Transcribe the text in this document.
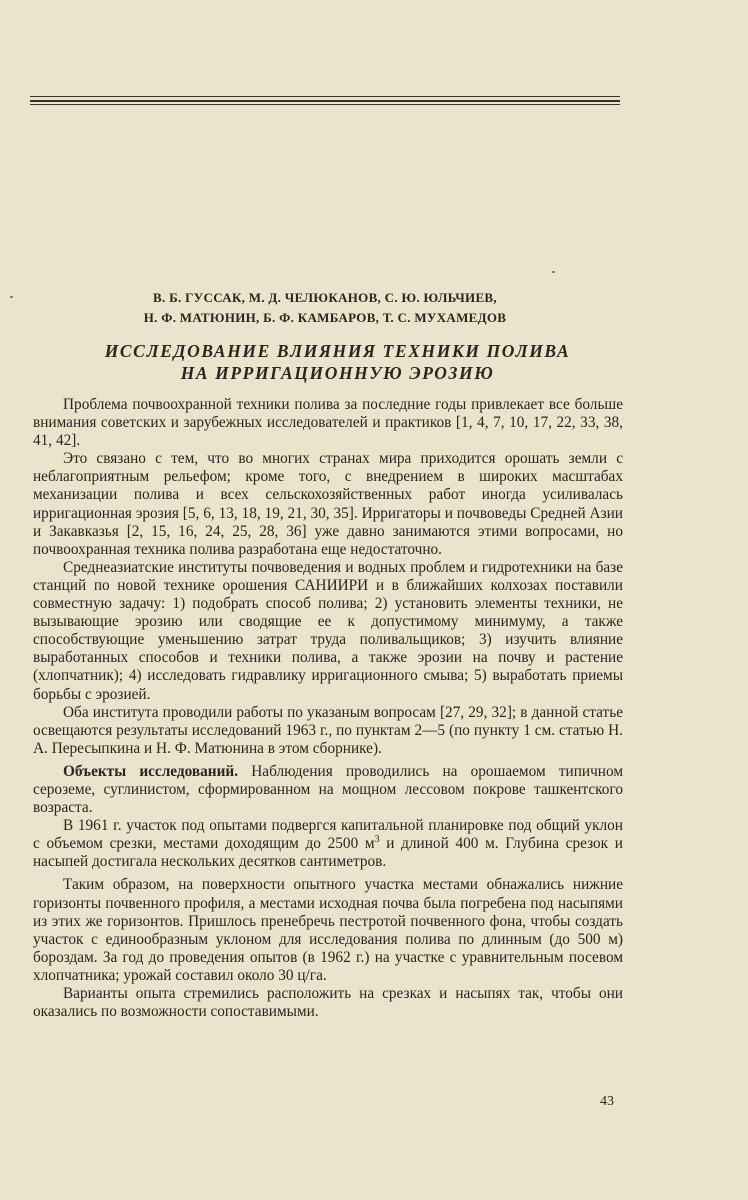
В. Б. ГУССАК, М. Д. ЧЕЛЮКАНОВ, С. Ю. ЮЛЬЧИЕВ,
Н. Ф. МАТЮНИН, Б. Ф. КАМБАРОВ, Т. С. МУХАМЕДОВ
ИССЛЕДОВАНИЕ ВЛИЯНИЯ ТЕХНИКИ ПОЛИВА
НА ИРРИГАЦИОННУЮ ЭРОЗИЮ

Проблема почвоохранной техники полива за последние годы привлекает все больше внимания советских и зарубежных исследователей и практиков [1, 4, 7, 10, 17, 22, 33, 38, 41, 42].

Это связано с тем, что во многих странах мира приходится орошать земли с неблагоприятным рельефом; кроме того, с внедрением в широких масштабах механизации полива и всех сельскохозяйственных работ иногда усиливалась ирригационная эрозия [5, 6, 13, 18, 19, 21, 30, 35]. Ирригаторы и почвоведы Средней Азии и Закавказья [2, 15, 16, 24, 25, 28, 36] уже давно занимаются этими вопросами, но почвоохранная техника полива разработана еще недостаточно.

Среднеазиатские институты почвоведения и водных проблем и гидротехники на базе станций по новой технике орошения САНИИРИ и в ближайших колхозах поставили совместную задачу: 1) подобрать способ полива; 2) установить элементы техники, не вызывающие эрозию или сводящие ее к допустимому минимуму, а также способствующие уменьшению затрат труда поливальщиков; 3) изучить влияние выработанных способов и техники полива, а также эрозии на почву и растение (хлопчатник); 4) исследовать гидравлику ирригационного смыва; 5) выработать приемы борьбы с эрозией.

Оба института проводили работы по указаным вопросам [27, 29, 32]; в данной статье освещаются результаты исследований 1963 г., по пунктам 2—5 (по пункту 1 см. статью Н. А. Пересыпкина и Н. Ф. Матюнина в этом сборнике).

Объекты исследований. Наблюдения проводились на орошаемом типичном сероземе, суглинистом, сформированном на мощном лессовом покрове ташкентского возраста.

В 1961 г. участок под опытами подвергся капитальной планировке под общий уклон с объемом срезки, местами доходящим до 2500 $м^3$ и длиной 400 м. Глубина срезок и насыпей достигала нескольких десятков сантиметров.

Таким образом, на поверхности опытного участка местами обнажались нижние горизонты почвенного профиля, а местами исходная почва была погребена под насыпями из этих же горизонтов. Пришлось пренебречь пестротой почвенного фона, чтобы создать участок с единообразным уклоном для исследования полива по длинным (до 500 м) бороздам. За год до проведения опытов (в 1962 г.) на участке с уравнительным посевом хлопчатника; урожай составил около 30 ц/га.

Варианты опыта стремились расположить на срезках и насыпях так, чтобы они оказались по возможности сопоставимыми.

43
